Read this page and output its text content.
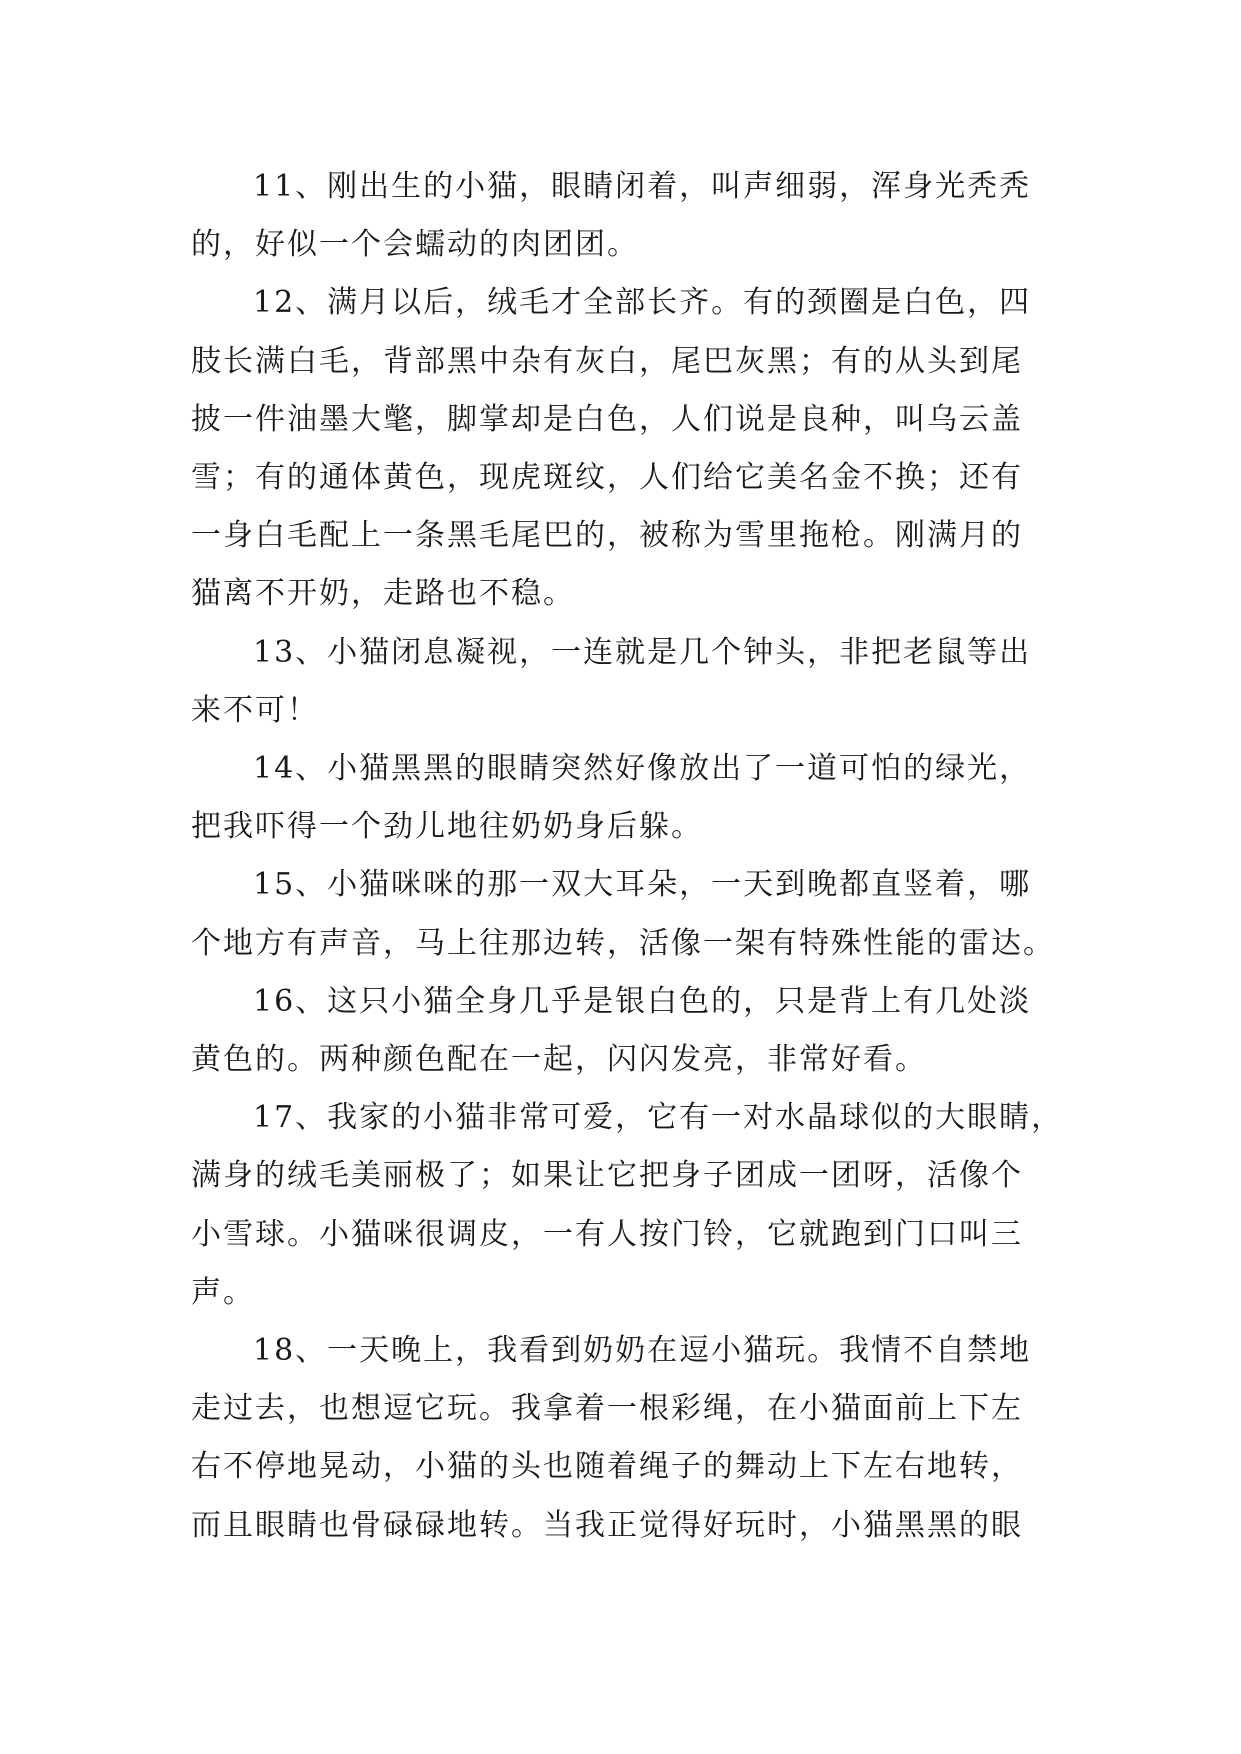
11、刚出生的小猫，眼睛闭着，叫声细弱，浑身光秃秃
的，好似一个会蠕动的肉团团。

12、满月以后，绒毛才全部长齐。有的颈圈是白色，四
肢长满白毛，背部黑中杂有灰白，尾巴灰黑；有的从头到尾
披一件油墨大氅，脚掌却是白色，人们说是良种，叫乌云盖
雪；有的通体黄色，现虎斑纹，人们给它美名金不换；还有
一身白毛配上一条黑毛尾巴的，被称为雪里拖枪。刚满月的
猫离不开奶，走路也不稳。

13、小猫闭息凝视，一连就是几个钟头，非把老鼠等出
来不可！

14、小猫黑黑的眼睛突然好像放出了一道可怕的绿光，
把我吓得一个劲儿地往奶奶身后躲。

15、小猫咪咪的那一双大耳朵，一天到晚都直竖着，哪
个地方有声音，马上往那边转，活像一架有特殊性能的雷达。

16、这只小猫全身几乎是银白色的，只是背上有几处淡
黄色的。两种颜色配在一起，闪闪发亮，非常好看。

17、我家的小猫非常可爱，它有一对水晶球似的大眼睛，
满身的绒毛美丽极了；如果让它把身子团成一团呀，活像个
小雪球。小猫咪很调皮，一有人按门铃，它就跑到门口叫三
声。

18、一天晚上，我看到奶奶在逗小猫玩。我情不自禁地
走过去，也想逗它玩。我拿着一根彩绳，在小猫面前上下左
右不停地晃动，小猫的头也随着绳子的舞动上下左右地转，
而且眼睛也骨碌碌地转。当我正觉得好玩时，小猫黑黑的眼
